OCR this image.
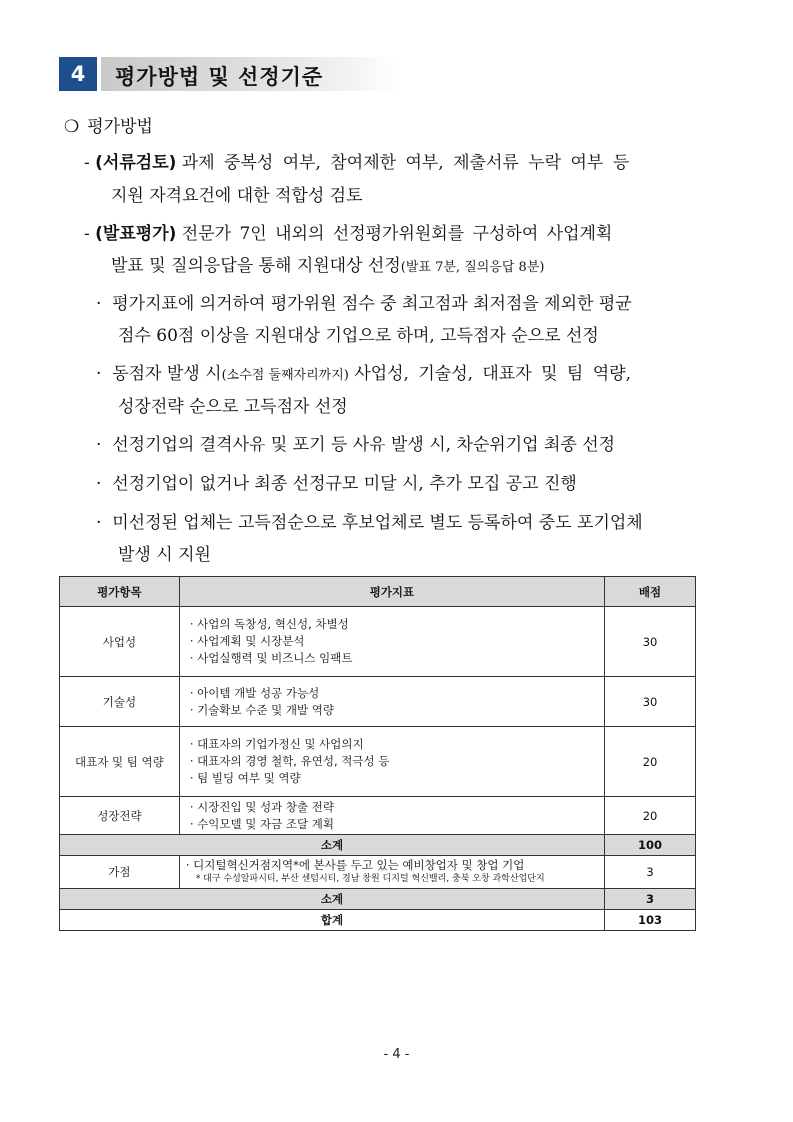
4	평가방법 및 선정기준
❍ 평가방법
- (서류검토) 과제 중복성 여부, 참여제한 여부, 제출서류 누락 여부 등
지원 자격요건에 대한 적합성 검토
- (발표평가) 전문가 7인 내외의 선정평가위원회를 구성하여 사업계획
발표 및 질의응답을 통해 지원대상 선정(발표 7분, 질의응답 8분)
· 평가지표에 의거하여 평가위원 점수 중 최고점과 최저점을 제외한 평균
점수 60점 이상을 지원대상 기업으로 하며, 고득점자 순으로 선정
· 동점자 발생 시(소수점 둘째자리까지) 사업성, 기술성, 대표자 및 팀 역량,
성장전략 순으로 고득점자 선정
· 선정기업의 결격사유 및 포기 등 사유 발생 시, 차순위기업 최종 선정
· 선정기업이 없거나 최종 선정규모 미달 시, 추가 모집 공고 진행
· 미선정된 업체는 고득점순으로 후보업체로 별도 등록하여 중도 포기업체
발생 시 지원
평가항목	평가지표	배점
사업성	· 사업의 독창성, 혁신성, 차별성
· 사업계획 및 시장분석
· 사업실행력 및 비즈니스 임팩트	30
기술성	· 아이템 개발 성공 가능성
· 기술확보 수준 및 개발 역량	30
대표자 및 팀 역량	· 대표자의 기업가정신 및 사업의지
· 대표자의 경영 철학, 유연성, 적극성 등
· 팀 빌딩 여부 및 역량	20
성장전략	· 시장진입 및 성과 창출 전략
· 수익모델 및 자금 조달 계획	20
소계		100
가점	· 디지털혁신거점지역*에 본사를 두고 있는 예비창업자 및 창업 기업
* 대구 수성알파시티, 부산 센텀시티, 경남 창원 디지털 혁신밸리, 충북 오창 과학산업단지	3
소계		3
합계		103
- 4 -
